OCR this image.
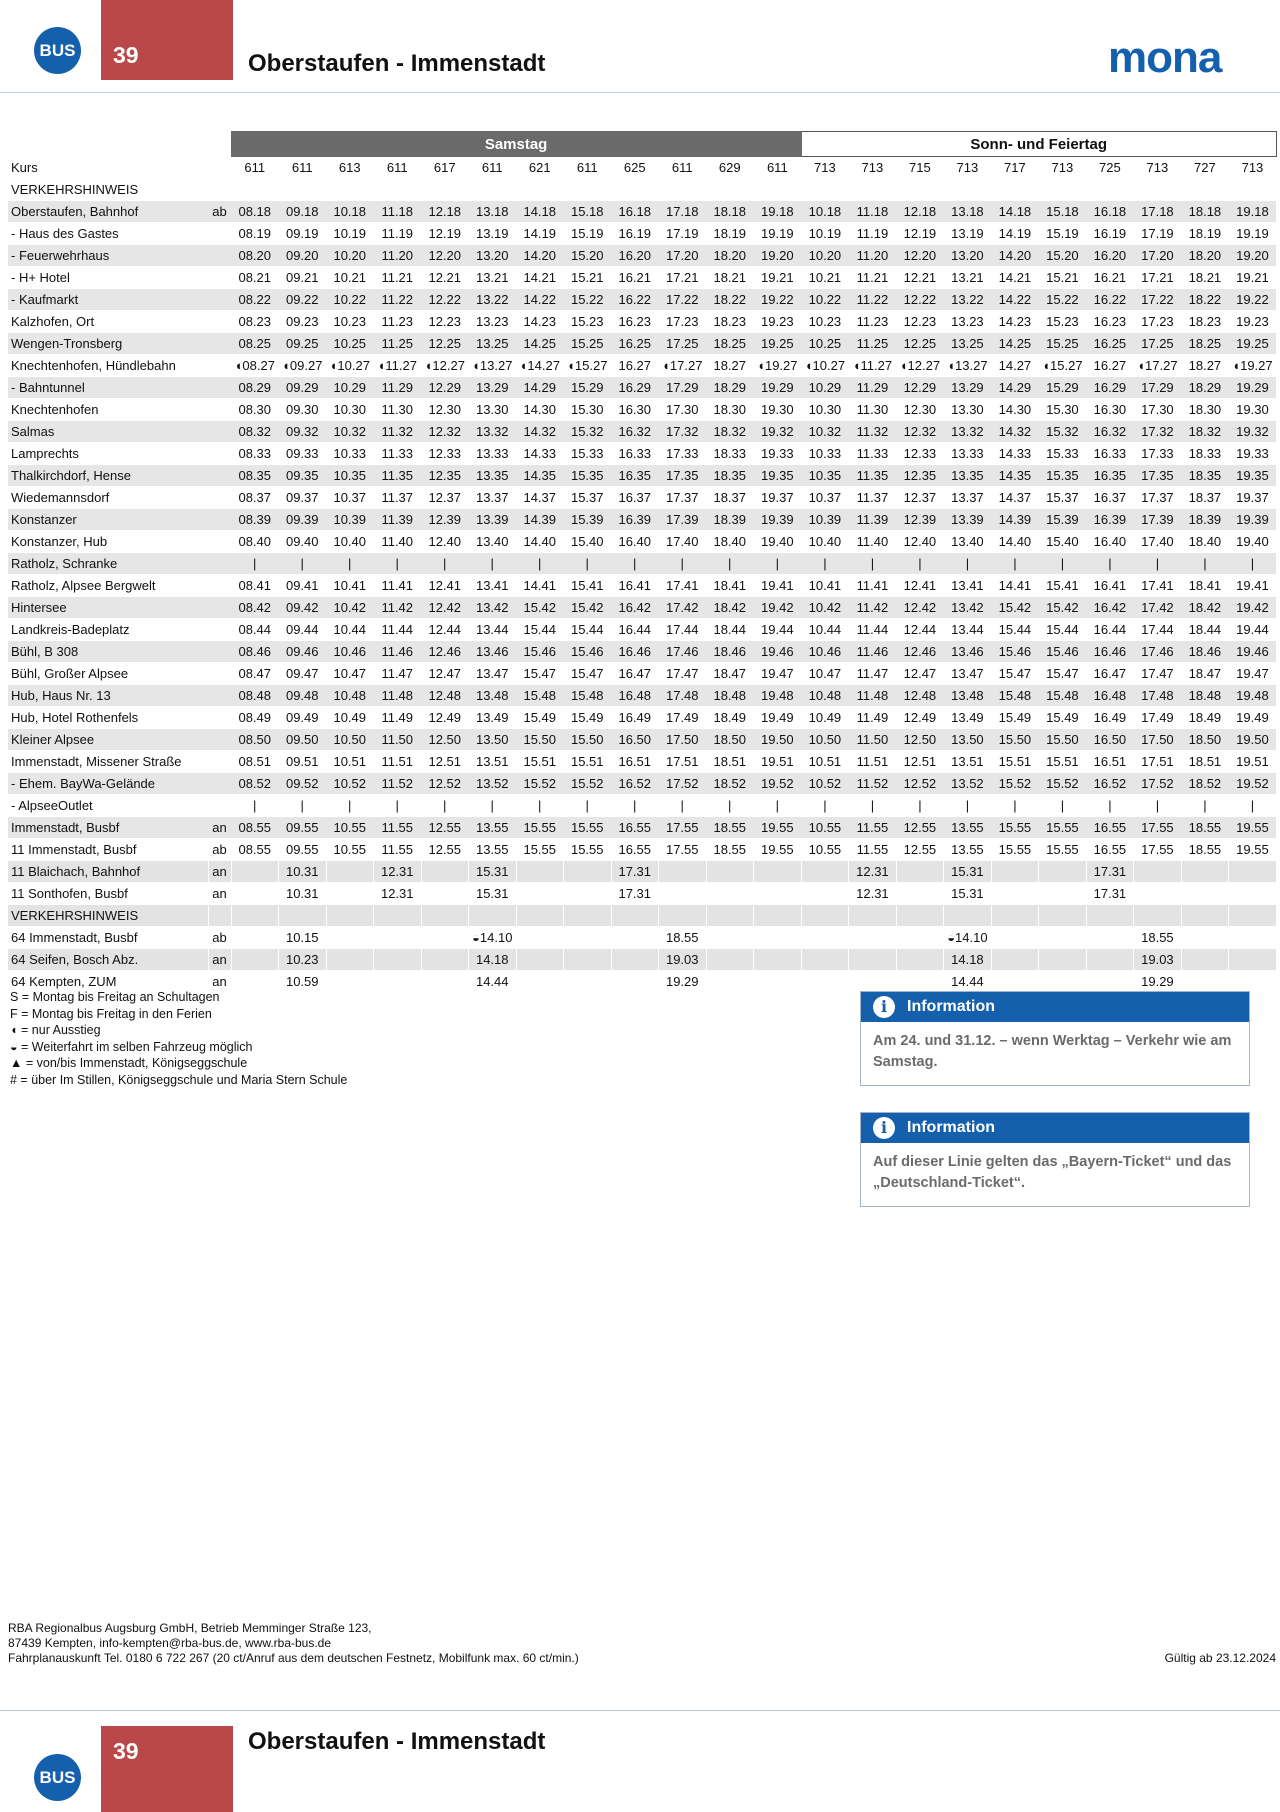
BUS 39	Oberstaufen - Immenstadt	mona
		Samstag												Sonn- und Feiertag									
Kurs		611	611	613	611	617	611	621	611	625	611	629	611	713	713	715	713	717	713	725	713	727	713
VERKEHRSHINWEIS																							
Oberstaufen, Bahnhof	ab	08.18	09.18	10.18	11.18	12.18	13.18	14.18	15.18	16.18	17.18	18.18	19.18	10.18	11.18	12.18	13.18	14.18	15.18	16.18	17.18	18.18	19.18
- Haus des Gastes		08.19	09.19	10.19	11.19	12.19	13.19	14.19	15.19	16.19	17.19	18.19	19.19	10.19	11.19	12.19	13.19	14.19	15.19	16.19	17.19	18.19	19.19
- Feuerwehrhaus		08.20	09.20	10.20	11.20	12.20	13.20	14.20	15.20	16.20	17.20	18.20	19.20	10.20	11.20	12.20	13.20	14.20	15.20	16.20	17.20	18.20	19.20
- H+ Hotel		08.21	09.21	10.21	11.21	12.21	13.21	14.21	15.21	16.21	17.21	18.21	19.21	10.21	11.21	12.21	13.21	14.21	15.21	16.21	17.21	18.21	19.21
- Kaufmarkt		08.22	09.22	10.22	11.22	12.22	13.22	14.22	15.22	16.22	17.22	18.22	19.22	10.22	11.22	12.22	13.22	14.22	15.22	16.22	17.22	18.22	19.22
Kalzhofen, Ort		08.23	09.23	10.23	11.23	12.23	13.23	14.23	15.23	16.23	17.23	18.23	19.23	10.23	11.23	12.23	13.23	14.23	15.23	16.23	17.23	18.23	19.23
Wengen-Tronsberg		08.25	09.25	10.25	11.25	12.25	13.25	14.25	15.25	16.25	17.25	18.25	19.25	10.25	11.25	12.25	13.25	14.25	15.25	16.25	17.25	18.25	19.25
Knechtenhofen, Hündlebahn		◖08.27	◖09.27	◖10.27	◖11.27	◖12.27	◖13.27	◖14.27	◖15.27	16.27	◖17.27	18.27	◖19.27	◖10.27	◖11.27	◖12.27	◖13.27	14.27	◖15.27	16.27	◖17.27	18.27	◖19.27
- Bahntunnel		08.29	09.29	10.29	11.29	12.29	13.29	14.29	15.29	16.29	17.29	18.29	19.29	10.29	11.29	12.29	13.29	14.29	15.29	16.29	17.29	18.29	19.29
Knechtenhofen		08.30	09.30	10.30	11.30	12.30	13.30	14.30	15.30	16.30	17.30	18.30	19.30	10.30	11.30	12.30	13.30	14.30	15.30	16.30	17.30	18.30	19.30
Salmas		08.32	09.32	10.32	11.32	12.32	13.32	14.32	15.32	16.32	17.32	18.32	19.32	10.32	11.32	12.32	13.32	14.32	15.32	16.32	17.32	18.32	19.32
Lamprechts		08.33	09.33	10.33	11.33	12.33	13.33	14.33	15.33	16.33	17.33	18.33	19.33	10.33	11.33	12.33	13.33	14.33	15.33	16.33	17.33	18.33	19.33
Thalkirchdorf, Hense		08.35	09.35	10.35	11.35	12.35	13.35	14.35	15.35	16.35	17.35	18.35	19.35	10.35	11.35	12.35	13.35	14.35	15.35	16.35	17.35	18.35	19.35
Wiedemannsdorf		08.37	09.37	10.37	11.37	12.37	13.37	14.37	15.37	16.37	17.37	18.37	19.37	10.37	11.37	12.37	13.37	14.37	15.37	16.37	17.37	18.37	19.37
Konstanzer		08.39	09.39	10.39	11.39	12.39	13.39	14.39	15.39	16.39	17.39	18.39	19.39	10.39	11.39	12.39	13.39	14.39	15.39	16.39	17.39	18.39	19.39
Konstanzer, Hub		08.40	09.40	10.40	11.40	12.40	13.40	14.40	15.40	16.40	17.40	18.40	19.40	10.40	11.40	12.40	13.40	14.40	15.40	16.40	17.40	18.40	19.40
Ratholz, Schranke		|	|	|	|	|	|	|	|	|	|	|	|	|	|	|	|	|	|	|	|	|	|
Ratholz, Alpsee Bergwelt		08.41	09.41	10.41	11.41	12.41	13.41	14.41	15.41	16.41	17.41	18.41	19.41	10.41	11.41	12.41	13.41	14.41	15.41	16.41	17.41	18.41	19.41
Hintersee		08.42	09.42	10.42	11.42	12.42	13.42	15.42	15.42	16.42	17.42	18.42	19.42	10.42	11.42	12.42	13.42	15.42	15.42	16.42	17.42	18.42	19.42
Landkreis-Badeplatz		08.44	09.44	10.44	11.44	12.44	13.44	15.44	15.44	16.44	17.44	18.44	19.44	10.44	11.44	12.44	13.44	15.44	15.44	16.44	17.44	18.44	19.44
Bühl, B 308		08.46	09.46	10.46	11.46	12.46	13.46	15.46	15.46	16.46	17.46	18.46	19.46	10.46	11.46	12.46	13.46	15.46	15.46	16.46	17.46	18.46	19.46
Bühl, Großer Alpsee		08.47	09.47	10.47	11.47	12.47	13.47	15.47	15.47	16.47	17.47	18.47	19.47	10.47	11.47	12.47	13.47	15.47	15.47	16.47	17.47	18.47	19.47
Hub, Haus Nr. 13		08.48	09.48	10.48	11.48	12.48	13.48	15.48	15.48	16.48	17.48	18.48	19.48	10.48	11.48	12.48	13.48	15.48	15.48	16.48	17.48	18.48	19.48
Hub, Hotel Rothenfels		08.49	09.49	10.49	11.49	12.49	13.49	15.49	15.49	16.49	17.49	18.49	19.49	10.49	11.49	12.49	13.49	15.49	15.49	16.49	17.49	18.49	19.49
Kleiner Alpsee		08.50	09.50	10.50	11.50	12.50	13.50	15.50	15.50	16.50	17.50	18.50	19.50	10.50	11.50	12.50	13.50	15.50	15.50	16.50	17.50	18.50	19.50
Immenstadt, Missener Straße		08.51	09.51	10.51	11.51	12.51	13.51	15.51	15.51	16.51	17.51	18.51	19.51	10.51	11.51	12.51	13.51	15.51	15.51	16.51	17.51	18.51	19.51
- Ehem. BayWa-Gelände		08.52	09.52	10.52	11.52	12.52	13.52	15.52	15.52	16.52	17.52	18.52	19.52	10.52	11.52	12.52	13.52	15.52	15.52	16.52	17.52	18.52	19.52
- AlpseeOutlet		|	|	|	|	|	|	|	|	|	|	|	|	|	|	|	|	|	|	|	|	|	|
Immenstadt, Busbf	an	08.55	09.55	10.55	11.55	12.55	13.55	15.55	15.55	16.55	17.55	18.55	19.55	10.55	11.55	12.55	13.55	15.55	15.55	16.55	17.55	18.55	19.55
11 Immenstadt, Busbf	ab	08.55	09.55	10.55	11.55	12.55	13.55	15.55	15.55	16.55	17.55	18.55	19.55	10.55	11.55	12.55	13.55	15.55	15.55	16.55	17.55	18.55	19.55
11 Blaichach, Bahnhof	an		10.31		12.31		15.31			17.31					12.31		15.31			17.31			
11 Sonthofen, Busbf	an		10.31		12.31		15.31			17.31					12.31		15.31			17.31			
VERKEHRSHINWEIS																							
64 Immenstadt, Busbf	ab		10.15				◒14.10				18.55						◒14.10				18.55		
64 Seifen, Bosch Abz.	an		10.23				14.18				19.03						14.18				19.03		
64 Kempten, ZUM	an		10.59				14.44				19.29						14.44				19.29		
S = Montag bis Freitag an Schultagen
F = Montag bis Freitag in den Ferien
◖ = nur Ausstieg
◒ = Weiterfahrt im selben Fahrzeug möglich
▲ = von/bis Immenstadt, Königseggschule
# = über Im Stillen, Königseggschule und Maria Stern Schule
i	Information
Am 24. und 31.12. – wenn Werktag – Verkehr wie am Samstag.
i	Information
Auf dieser Linie gelten das „Bayern-Ticket“ und das „Deutschland-Ticket“.
RBA Regionalbus Augsburg GmbH, Betrieb Memminger Straße 123,
87439 Kempten, info-kempten@rba-bus.de, www.rba-bus.de
Fahrplanauskunft Tel. 0180 6 722 267 (20 ct/Anruf aus dem deutschen Festnetz, Mobilfunk max. 60 ct/min.)	Gültig ab 23.12.2024
BUS
39	Oberstaufen - Immenstadt
